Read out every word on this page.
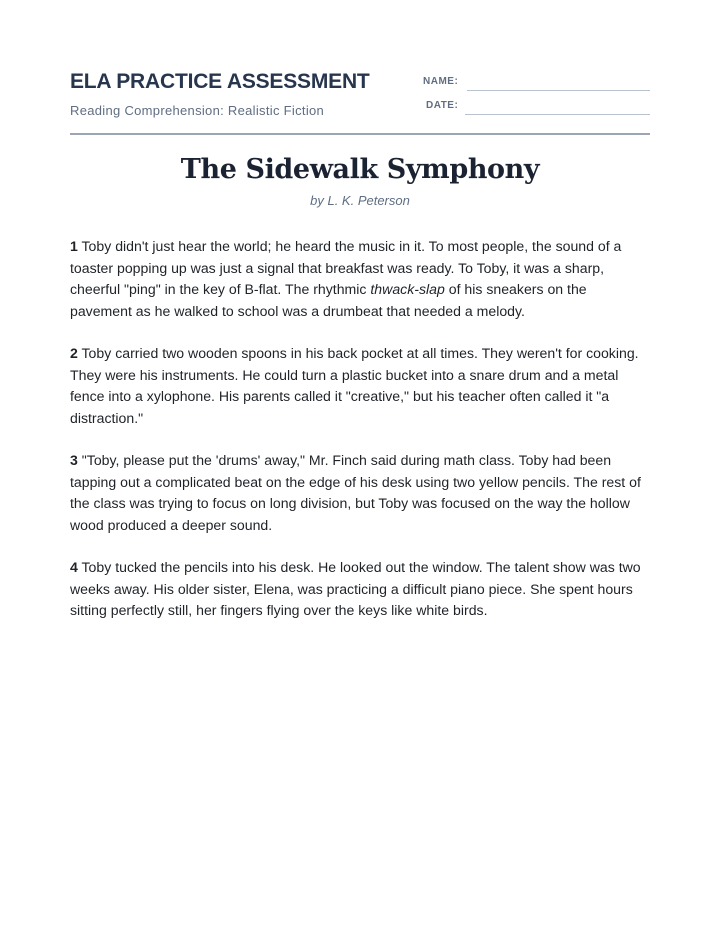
ELA PRACTICE ASSESSMENT
Reading Comprehension: Realistic Fiction
NAME:
DATE:
The Sidewalk Symphony
by L. K. Peterson

1 Toby didn't just hear the world; he heard the music in it. To most people, the sound of a toaster popping up was just a signal that breakfast was ready. To Toby, it was a sharp, cheerful "ping" in the key of B-flat. The rhythmic thwack-slap of his sneakers on the pavement as he walked to school was a drumbeat that needed a melody.

2 Toby carried two wooden spoons in his back pocket at all times. They weren't for cooking. They were his instruments. He could turn a plastic bucket into a snare drum and a metal fence into a xylophone. His parents called it "creative," but his teacher often called it "a distraction."

3 "Toby, please put the 'drums' away," Mr. Finch said during math class. Toby had been tapping out a complicated beat on the edge of his desk using two yellow pencils. The rest of the class was trying to focus on long division, but Toby was focused on the way the hollow wood produced a deeper sound.

4 Toby tucked the pencils into his desk. He looked out the window. The talent show was two weeks away. His older sister, Elena, was practicing a difficult piano piece. She spent hours sitting perfectly still, her fingers flying over the keys like white birds.
